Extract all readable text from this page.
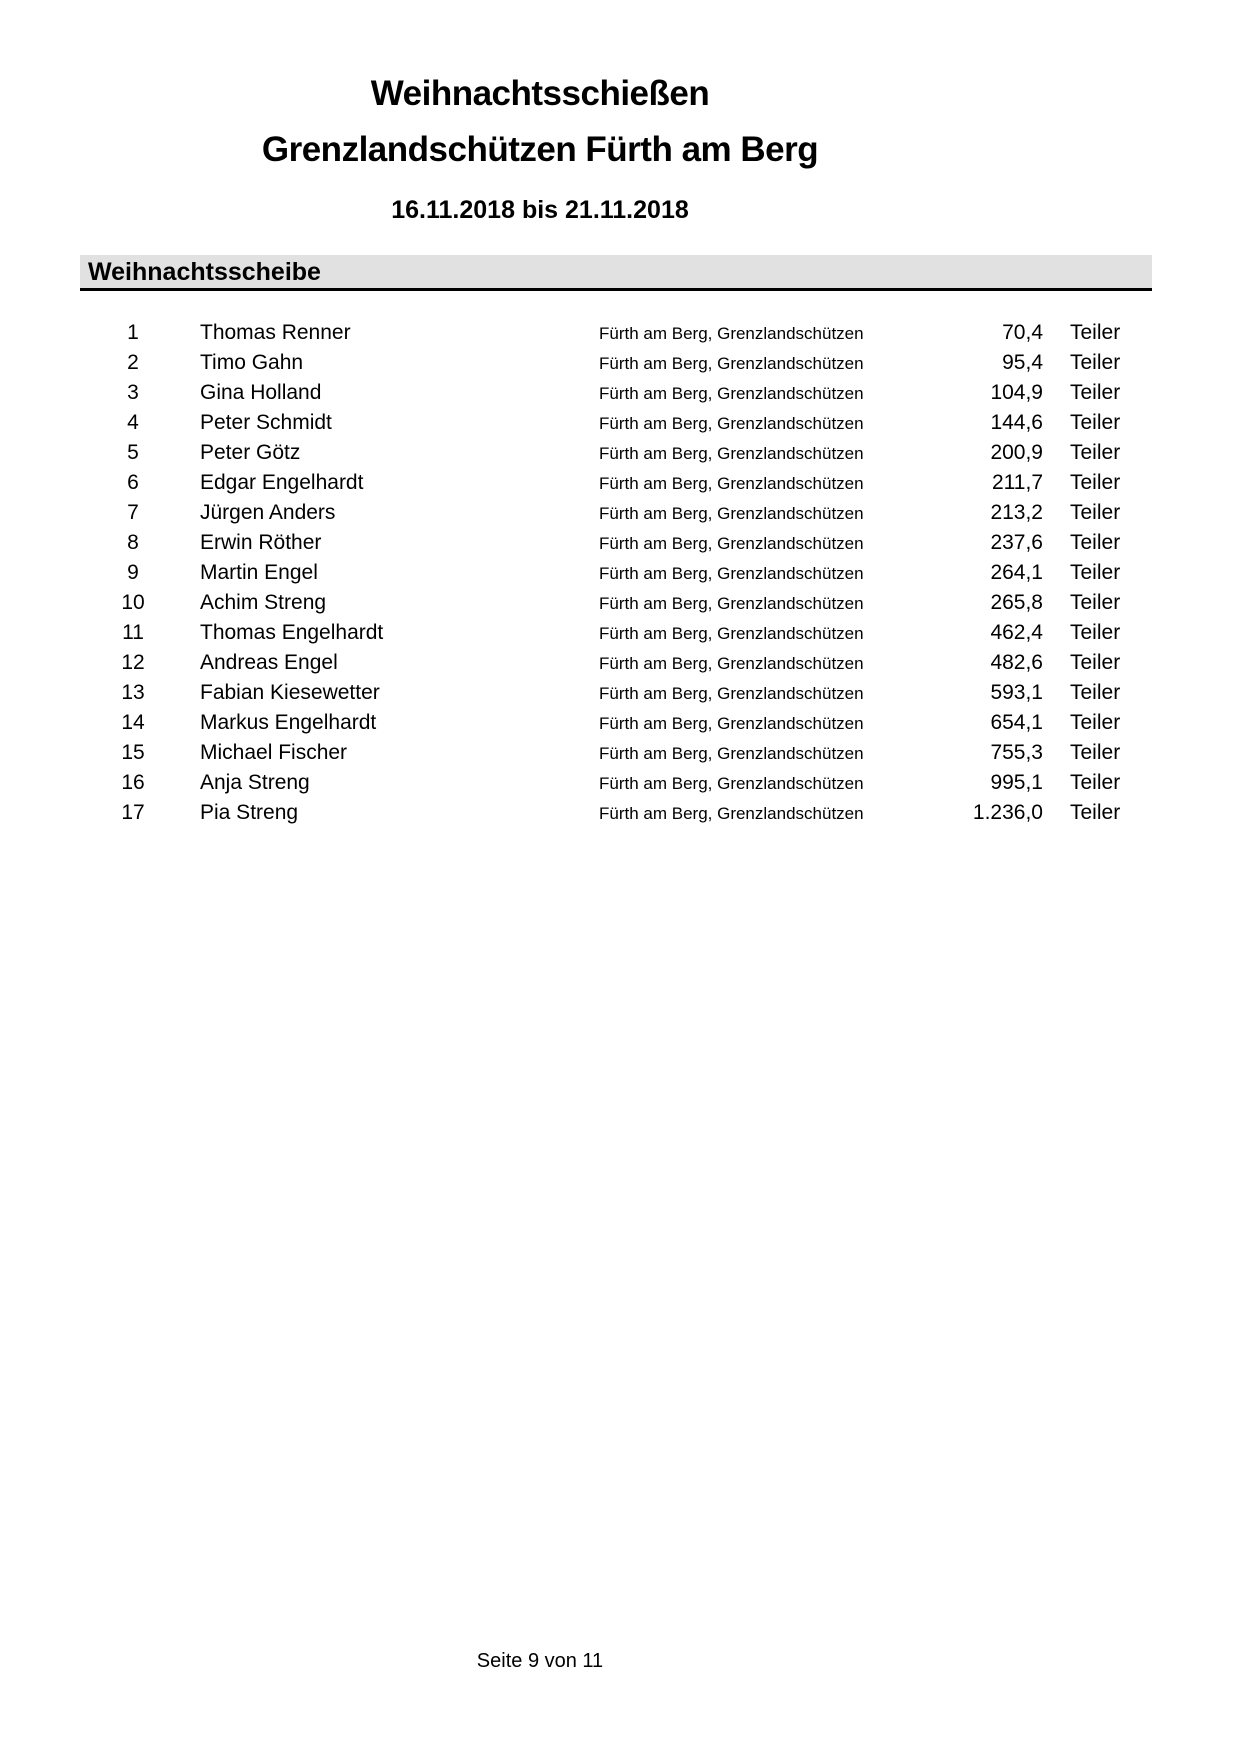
Weihnachtsschießen
Grenzlandschützen Fürth am Berg
16.11.2018 bis 21.11.2018
Weihnachtsscheibe
1	Thomas Renner	Fürth am Berg, Grenzlandschützen	70,4 Teiler
2	Timo Gahn	Fürth am Berg, Grenzlandschützen	95,4 Teiler
3	Gina Holland	Fürth am Berg, Grenzlandschützen	104,9 Teiler
4	Peter Schmidt	Fürth am Berg, Grenzlandschützen	144,6 Teiler
5	Peter Götz	Fürth am Berg, Grenzlandschützen	200,9 Teiler
6	Edgar Engelhardt	Fürth am Berg, Grenzlandschützen	211,7 Teiler
7	Jürgen Anders	Fürth am Berg, Grenzlandschützen	213,2 Teiler
8	Erwin Röther	Fürth am Berg, Grenzlandschützen	237,6 Teiler
9	Martin Engel	Fürth am Berg, Grenzlandschützen	264,1 Teiler
10	Achim Streng	Fürth am Berg, Grenzlandschützen	265,8 Teiler
11	Thomas Engelhardt	Fürth am Berg, Grenzlandschützen	462,4 Teiler
12	Andreas Engel	Fürth am Berg, Grenzlandschützen	482,6 Teiler
13	Fabian Kiesewetter	Fürth am Berg, Grenzlandschützen	593,1 Teiler
14	Markus Engelhardt	Fürth am Berg, Grenzlandschützen	654,1 Teiler
15	Michael Fischer	Fürth am Berg, Grenzlandschützen	755,3 Teiler
16	Anja Streng	Fürth am Berg, Grenzlandschützen	995,1 Teiler
17	Pia Streng	Fürth am Berg, Grenzlandschützen	1.236,0 Teiler
Seite 9 von 11
